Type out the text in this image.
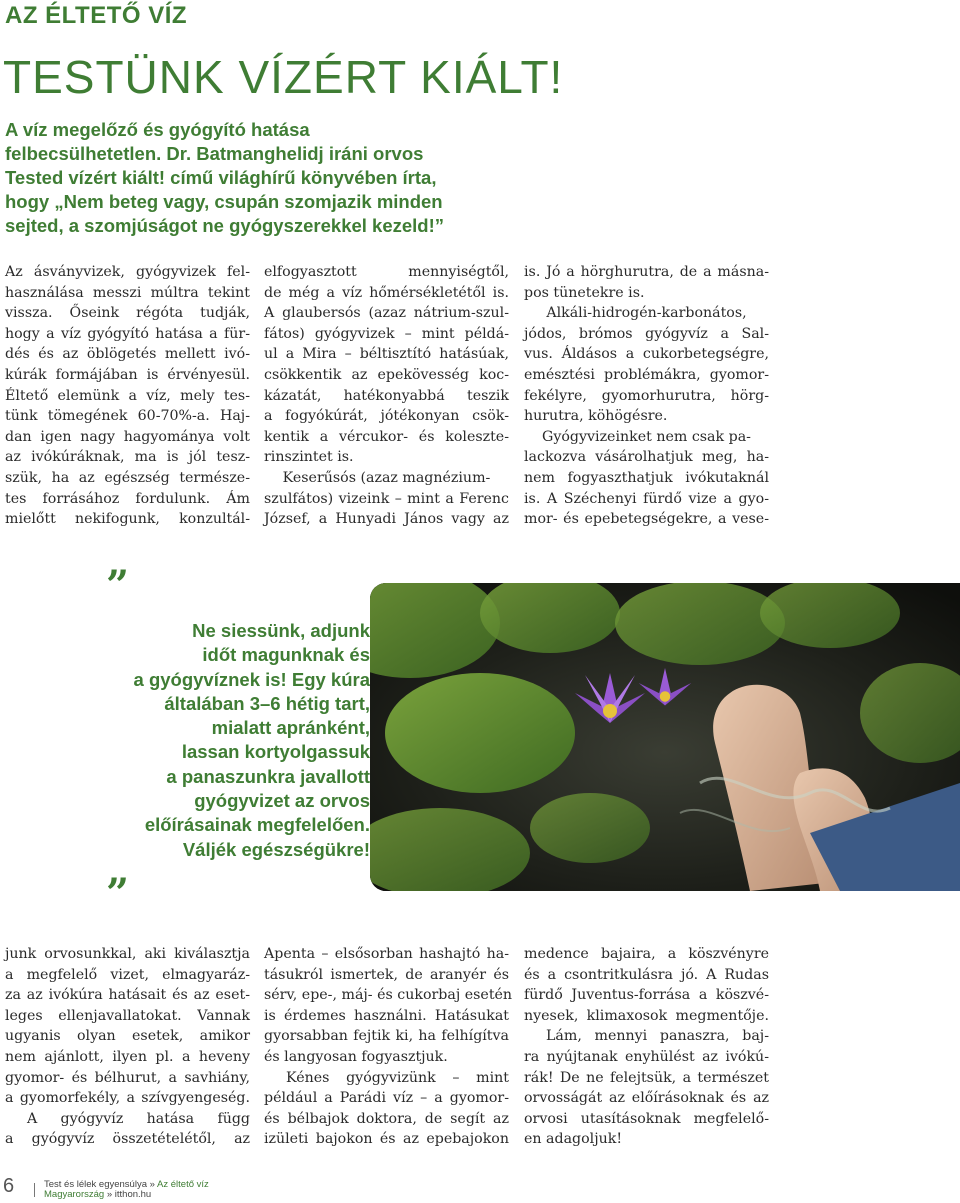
AZ ÉLTETŐ VÍZ
TESTÜNK VÍZÉRT KIÁLT!
A víz megelőző és gyógyító hatása
felbecsülhetetlen. Dr. Batmanghelidj iráni orvos
Tested vízért kiált! című világhírű könyvében írta,
hogy „Nem beteg vagy, csupán szomjazik minden
sejted, a szomjúságot ne gyógyszerekkel kezeld!”
Az ásványvizek, gyógyvizek fel-
használása messzi múltra tekint
vissza. Őseink régóta tudják,
hogy a víz gyógyító hatása a für-
dés és az öblögetés mellett ivó-
kúrák formájában is érvényesül.
Éltető elemünk a víz, mely tes-
tünk tömegének 60-70%-a. Haj-
dan igen nagy hagyománya volt
az ivókúráknak, ma is jól tesz-
szük, ha az egészség természe-
tes forrásához fordulunk. Ám
mielőtt nekifogunk, konzultál-
elfogyasztott mennyiségtől,
de még a víz hőmérsékletétől is.
A glaubersós (azaz nátrium-szul-
fátos) gyógyvizek – mint példá-
ul a Mira – béltisztító hatásúak,
csökkentik az epekövesség koc-
kázatát, hatékonyabbá teszik
a fogyókúrát, jótékonyan csök-
kentik a vércukor- és koleszte-
rinszintet is.
Keserűsós (azaz magnézium-
szulfátos) vizeink – mint a Ferenc
József, a Hunyadi János vagy az
is. Jó a hörghurutra, de a másna-
pos tünetekre is.
Alkáli-hidrogén-karbonátos,
jódos, brómos gyógyvíz a Sal-
vus. Áldásos a cukorbetegségre,
emésztési problémákra, gyomor-
fekélyre, gyomorhurutra, hörg-
hurutra, köhögésre.
Gyógyvizeinket nem csak pa-
lackozva vásárolhatjuk meg, ha-
nem fogyaszthatjuk ivókutaknál
is. A Széchenyi fürdő vize a gyo-
mor- és epebetegségekre, a vese-
”
Ne siessünk, adjunk
időt magunknak és
a gyógyvíznek is! Egy kúra
általában 3–6 hétig tart,
mialatt apránként,
lassan kortyolgassuk
a panaszunkra javallott
gyógyvizet az orvos
előírásainak megfelelően.
Váljék egészségükre!
”
junk orvosunkkal, aki kiválasztja
a megfelelő vizet, elmagyaráz-
za az ivókúra hatásait és az eset-
leges ellenjavallatokat. Vannak
ugyanis olyan esetek, amikor
nem ajánlott, ilyen pl. a heveny
gyomor- és bélhurut, a savhiány,
a gyomorfekély, a szívgyengeség.
A gyógyvíz hatása függ
a gyógyvíz összetételétől, az
Apenta – elsősorban hashajtó ha-
tásukról ismertek, de aranyér és
sérv, epe-, máj- és cukorbaj esetén
is érdemes használni. Hatásukat
gyorsabban fejtik ki, ha felhígítva
és langyosan fogyasztjuk.
Kénes gyógyvizünk – mint
például a Parádi víz – a gyomor-
és bélbajok doktora, de segít az
izületi bajokon és az epebajokon
medence bajaira, a köszvényre
és a csontritkulásra jó. A Rudas
fürdő Juventus-forrása a köszvé-
nyesek, klimaxosok megmentője.
Lám, mennyi panaszra, baj-
ra nyújtanak enyhülést az ivókú-
rák! De ne felejtsük, a természet
orvosságát az előírásoknak és az
orvosi utasításoknak megfelelő-
en adagoljuk!
6	Test és lélek egyensúlya » Az éltető víz
Magyarország » itthon.hu
